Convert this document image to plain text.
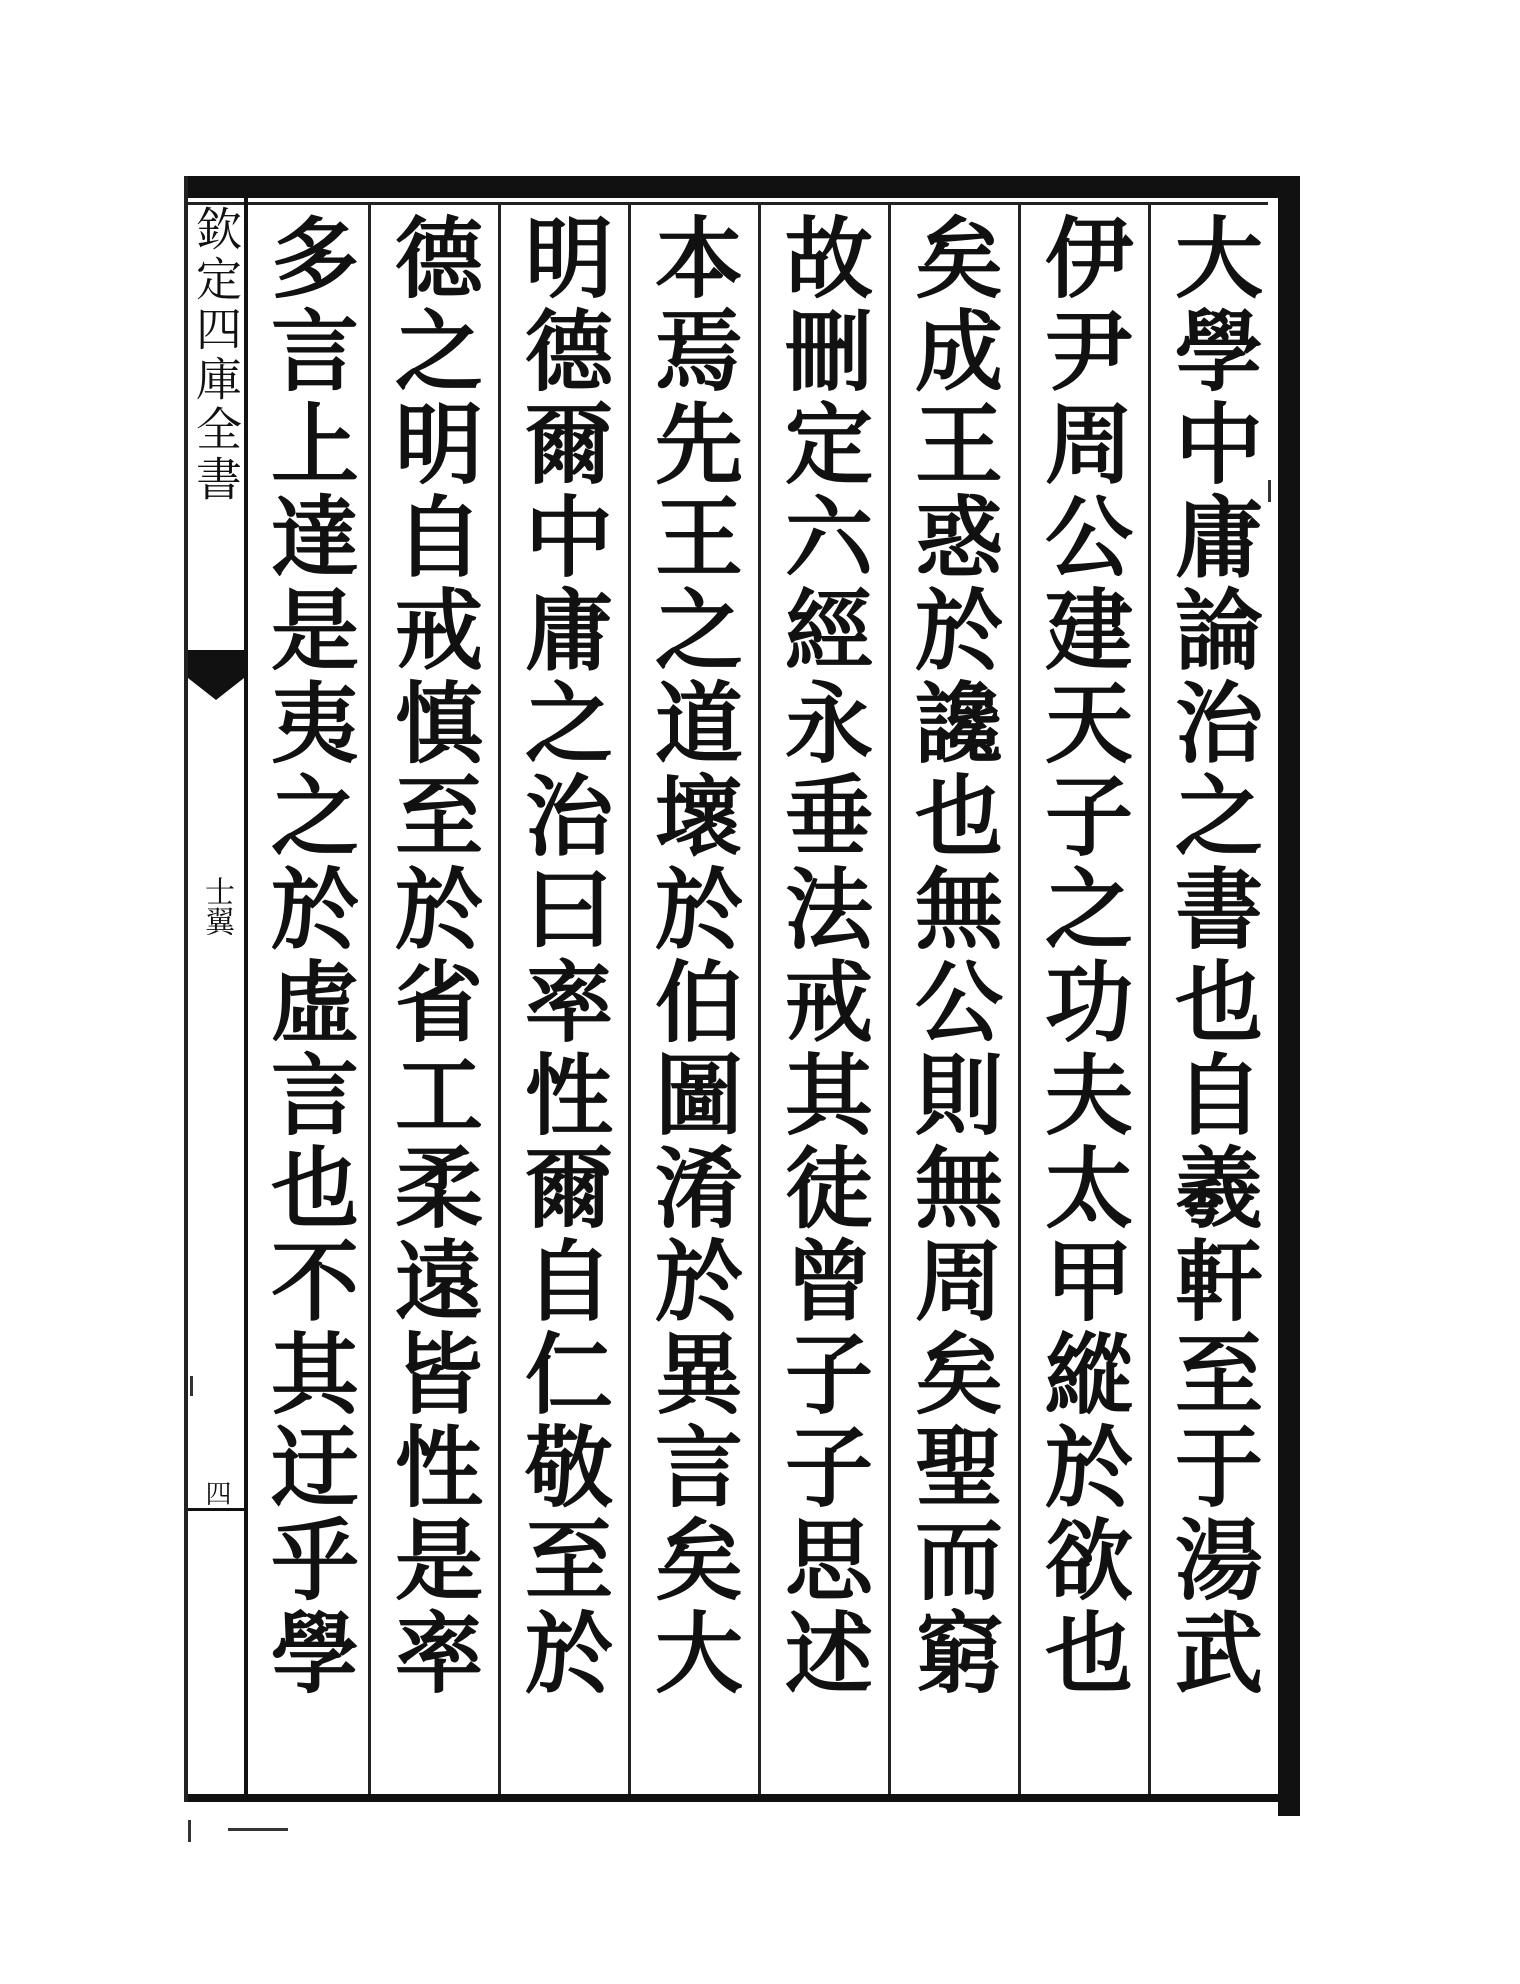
欽定四庫全書
士翼
四
大學中庸論治之書也自羲軒至于湯武
伊尹周公建天子之功夫太甲縱於欲也
矣成王惑於讒也無公則無周矣聖而窮
故刪定六經永垂法戒其徒曾子子思述
本焉先王之道壞於伯圖淆於異言矣大
明德爾中庸之治曰率性爾自仁敬至於
德之明自戒慎至於省工柔遠皆性是率
多言上達是夷之於虛言也不其迂乎學
